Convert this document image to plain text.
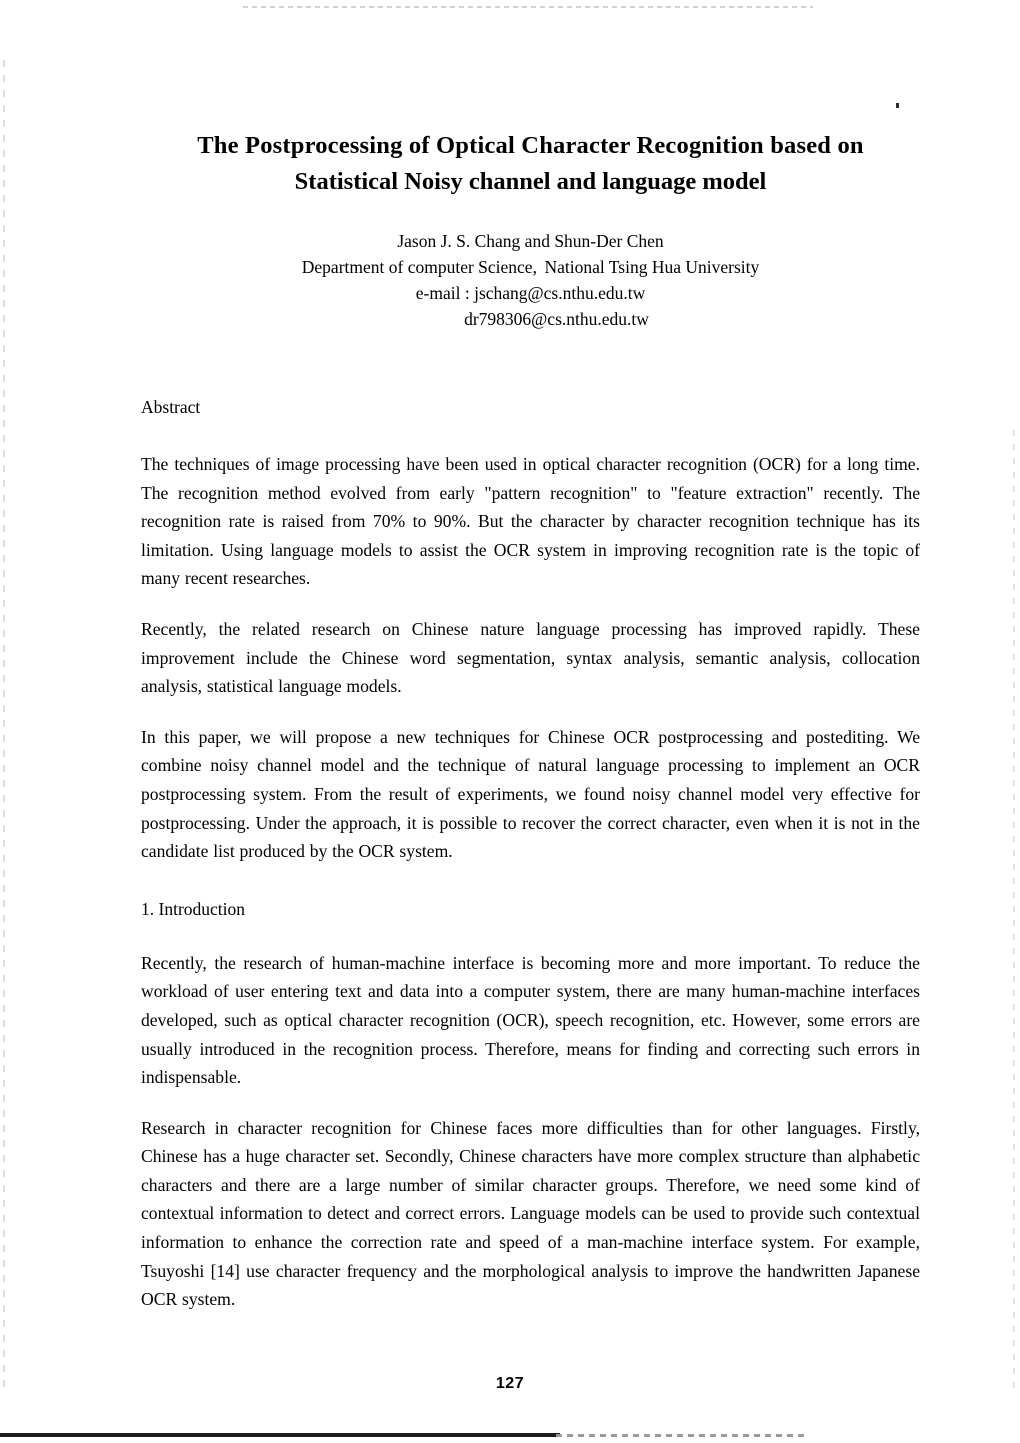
The Postprocessing of Optical Character Recognition based on
Statistical Noisy channel and language model
Jason J. S. Chang and Shun-Der Chen
Department of computer Science, National Tsing Hua University
e-mail : jschang@cs.nthu.edu.tw
dr798306@cs.nthu.edu.tw
Abstract

The techniques of image processing have been used in optical character recognition (OCR) for a long time. The recognition method evolved from early "pattern recognition" to "feature extraction" recently. The recognition rate is raised from 70% to 90%. But the character by character recognition technique has its limitation. Using language models to assist the OCR system in improving recognition rate is the topic of many recent researches.

Recently, the related research on Chinese nature language processing has improved rapidly. These improvement include the Chinese word segmentation, syntax analysis, semantic analysis, collocation analysis, statistical language models.

In this paper, we will propose a new techniques for Chinese OCR postprocessing and postediting. We combine noisy channel model and the technique of natural language processing to implement an OCR postprocessing system. From the result of experiments, we found noisy channel model very effective for postprocessing. Under the approach, it is possible to recover the correct character, even when it is not in the candidate list produced by the OCR system.

1. Introduction

Recently, the research of human-machine interface is becoming more and more important. To reduce the workload of user entering text and data into a computer system, there are many human-machine interfaces developed, such as optical character recognition (OCR), speech recognition, etc. However, some errors are usually introduced in the recognition process. Therefore, means for finding and correcting such errors in indispensable.

Research in character recognition for Chinese faces more difficulties than for other languages. Firstly, Chinese has a huge character set. Secondly, Chinese characters have more complex structure than alphabetic characters and there are a large number of similar character groups. Therefore, we need some kind of contextual information to detect and correct errors. Language models can be used to provide such contextual information to enhance the correction rate and speed of a man-machine interface system. For example, Tsuyoshi [14] use character frequency and the morphological analysis to improve the handwritten Japanese OCR system.

127
